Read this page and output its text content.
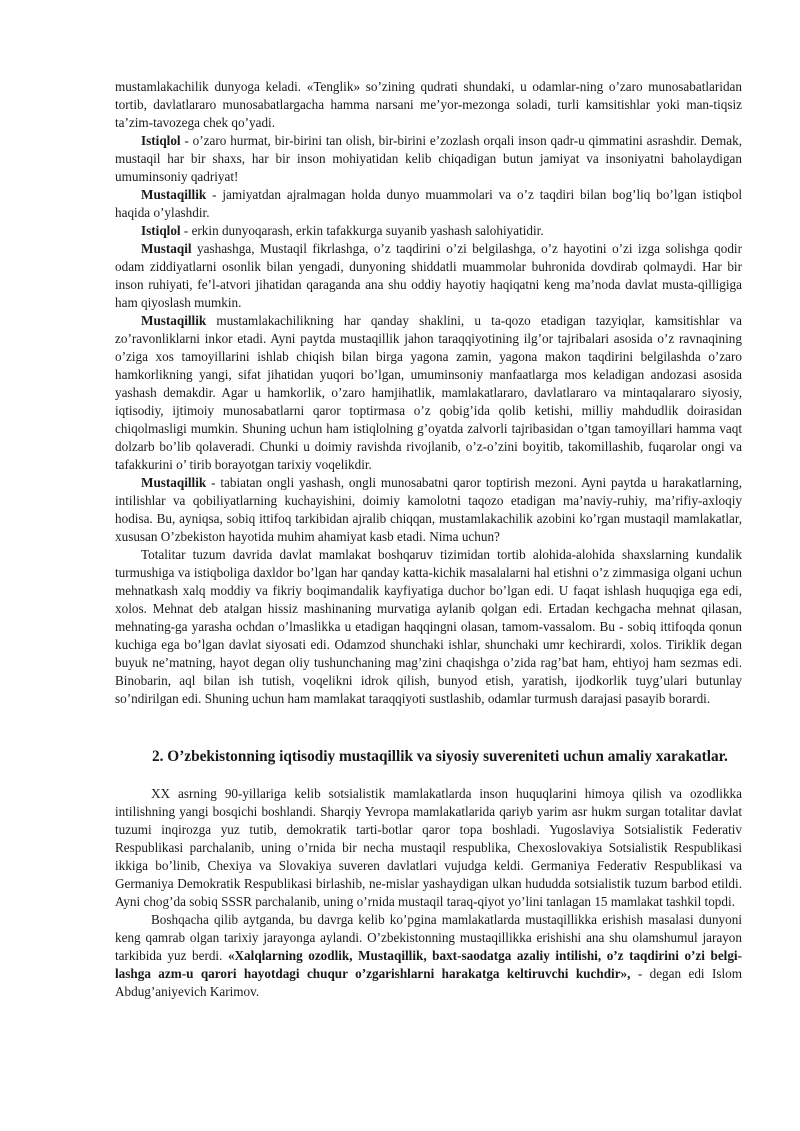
mustamlakachilik dunyoga keladi. «Tenglik» so’zining qudrati shundaki, u odamlar-ning o’zaro munosabatlaridan tortib, davlatlararo munosabatlargacha hamma narsani me’yor-mezonga soladi, turli kamsitishlar yoki man-tiqsiz ta’zim-tavozega chek qo’yadi.

Istiqlol - o’zaro hurmat, bir-birini tan olish, bir-birini e’zozlash orqali inson qadr-u qimmatini asrashdir. Demak, mustaqil har bir shaxs, har bir inson mohiyatidan kelib chiqadigan butun jamiyat va insoniyatni baholaydigan umuminsoniy qadriyat!

Mustaqillik - jamiyatdan ajralmagan holda dunyo muammolari va o’z taqdiri bilan bog’liq bo’lgan istiqbol haqida o’ylashdir.

Istiqlol - erkin dunyoqarash, erkin tafakkurga suyanib yashash salohiyatidir.

Mustaqil yashashga, Mustaqil fikrlashga, o’z taqdirini o’zi belgilashga, o’z hayotini o’zi izga solishga qodir odam ziddiyatlarni osonlik bilan yengadi, dunyoning shiddatli muammolar buhronida dovdirab qolmaydi. Har bir inson ruhiyati, fe’l-atvori jihatidan qaraganda ana shu oddiy hayotiy haqiqatni keng ma’noda davlat musta-qilligiga ham qiyoslash mumkin.

Mustaqillik mustamlakachilikning har qanday shaklini, u ta-qozo etadigan tazyiqlar, kamsitishlar va zo’ravonliklarni inkor etadi. Ayni paytda mustaqillik jahon taraqqiyotining ilg’or tajribalari asosida o’z ravnaqining o’ziga xos tamoyillarini ishlab chiqish bilan birga yagona zamin, yagona makon taqdirini belgilashda o’zaro hamkorlikning yangi, sifat jihatidan yuqori bo’lgan, umuminsoniy manfaatlarga mos keladigan andozasi asosida yashash demakdir. Agar u hamkorlik, o’zaro hamjihatlik, mamlakatlararo, davlatlararo va mintaqalararo siyosiy, iqtisodiy, ijtimoiy munosabatlarni qaror toptirmasa o’z qobig’ida qolib ketishi, milliy mahdudlik doirasidan chiqolmasligi mumkin. Shuning uchun ham istiqlolning g’oyatda zalvorli tajribasidan o’tgan tamoyillari hamma vaqt dolzarb bo’lib qolaveradi. Chunki u doimiy ravishda rivojlanib, o’z-o’zini boyitib, takomillashib, fuqarolar ongi va tafakkurini o’ tirib borayotgan tarixiy voqelikdir.

Mustaqillik - tabiatan ongli yashash, ongli munosabatni qaror toptirish mezoni. Ayni paytda u harakatlarning, intilishlar va qobiliyatlarning kuchayishini, doimiy kamolotni taqozo etadigan ma’naviy-ruhiy, ma’rifiy-axloqiy hodisa. Bu, ayniqsa, sobiq ittifoq tarkibidan ajralib chiqqan, mustamlakachilik azobini ko’rgan mustaqil mamlakatlar, xususan O’zbekiston hayotida muhim ahamiyat kasb etadi. Nima uchun?

Totalitar tuzum davrida davlat mamlakat boshqaruv tizimidan tortib alohida-alohida shaxslarning kundalik turmushiga va istiqboliga daxldor bo’lgan har qanday katta-kichik masalalarni hal etishni o’z zimmasiga olgani uchun mehnatkash xalq moddiy va fikriy boqimandalik kayfiyatiga duchor bo’lgan edi. U faqat ishlash huquqiga ega edi, xolos. Mehnat deb atalgan hissiz mashinaning murvatiga aylanib qolgan edi. Ertadan kechgacha mehnat qilasan, mehnating-ga yarasha ochdan o’lmaslikka u etadigan haqqingni olasan, tamom-vassalom. Bu - sobiq ittifoqda qonun kuchiga ega bo’lgan davlat siyosati edi. Odamzod shunchaki ishlar, shunchaki umr kechirardi, xolos. Tiriklik degan buyuk ne’matning, hayot degan oliy tushunchaning mag’zini chaqishga o’zida rag’bat ham, ehtiyoj ham sezmas edi. Binobarin, aql bilan ish tutish, voqelikni idrok qilish, bunyod etish, yaratish, ijodkorlik tuyg’ulari butunlay so’ndirilgan edi. Shuning uchun ham mamlakat taraqqiyoti sustlashib, odamlar turmush darajasi pasayib borardi.

2. O’zbekistonning iqtisodiy mustaqillik va siyosiy suvereniteti uchun amaliy xarakatlar.

XX asrning 90-yillariga kelib sotsialistik mamlakatlarda inson huquqlarini himoya qilish va ozodlikka intilishning yangi bosqichi boshlandi. Sharqiy Yevropa mamlakatlarida qariyb yarim asr hukm surgan totalitar davlat tuzumi inqirozga yuz tutib, demokratik tarti-botlar qaror topa boshladi. Yugoslaviya Sotsialistik Federativ Respublikasi parchalanib, uning o’rnida bir necha mustaqil respublika, Chexoslovakiya Sotsialistik Respublikasi ikkiga bo’linib, Chexiya va Slovakiya suveren davlatlari vujudga keldi. Germaniya Federativ Respublikasi va Germaniya Demokratik Respublikasi birlashib, ne-mislar yashaydigan ulkan hududda sotsialistik tuzum barbod etildi. Ayni chog’da sobiq SSSR parchalanib, uning o’rnida mustaqil taraq-qiyot yo’lini tanlagan 15 mamlakat tashkil topdi.

Boshqacha qilib aytganda, bu davrga kelib ko’pgina mamlakatlarda mustaqillikka erishish masalasi dunyoni keng qamrab olgan tarixiy jarayonga aylandi. O’zbekistonning mustaqillikka erishishi ana shu olamshumul jarayon tarkibida yuz berdi. «Xalqlarning ozodlik, Mustaqillik, baxt-saodatga azaliy intilishi, o’z taqdirini o’zi belgi-lashga azm-u qarori hayotdagi chuqur o’zgarishlarni harakatga keltiruvchi kuchdir», - degan edi Islom Abdug’aniyevich Karimov.
